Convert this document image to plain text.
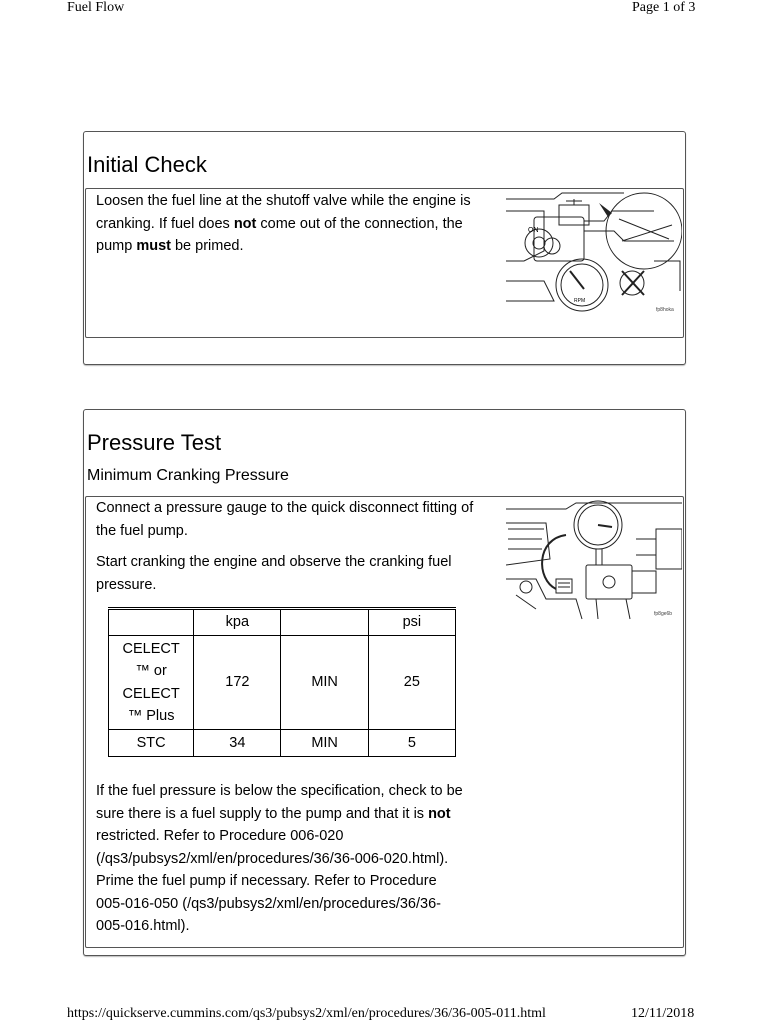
Fuel Flow	Page 1 of 3
Initial Check
Loosen the fuel line at the shutoff valve while the engine is cranking. If fuel does not come out of the connection, the pump must be primed.
ON
RPM
fp8hoka
Pressure Test
Minimum Cranking Pressure

Connect a pressure gauge to the quick disconnect fitting of the fuel pump.

Start cranking the engine and observe the cranking fuel pressure.

	kpa		psi

CELECT
™ or
CELECT
™ Plus	172	MIN	25
STC	34	MIN	5
If the fuel pressure is below the specification, check to be sure there is a fuel supply to the pump and that it is not restricted. Refer to Procedure 006-020 (/qs3/pubsys2/xml/en/procedures/36/36-006-020.html). Prime the fuel pump if necessary. Refer to Procedure 005-016-050 (/qs3/pubsys2/xml/en/procedures/36/36-005-016.html).
fp8ge6b
https://quickserve.cummins.com/qs3/pubsys2/xml/en/procedures/36/36-005-011.html	12/11/2018
